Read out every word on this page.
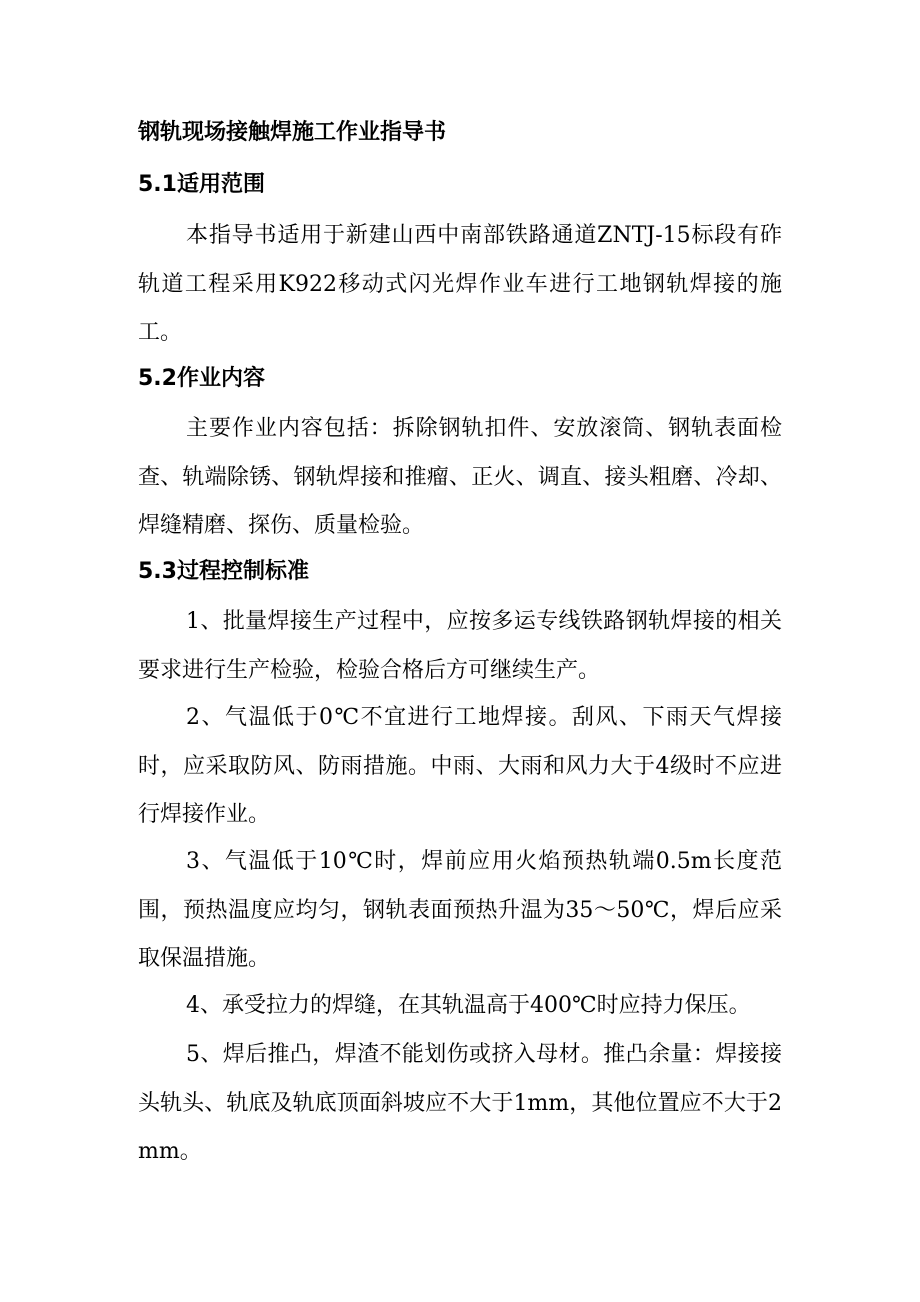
钢轨现场接触焊施工作业指导书
5.1适用范围

本指导书适用于新建山西中南部铁路通道ZNTJ-15标段有砟轨道工程采用K922移动式闪光焊作业车进行工地钢轨焊接的施工。

5.2作业内容

主要作业内容包括：拆除钢轨扣件、安放滚筒、钢轨表面检查、轨端除锈、钢轨焊接和推瘤、正火、调直、接头粗磨、冷却、焊缝精磨、探伤、质量检验。

5.3过程控制标准

1、批量焊接生产过程中，应按多运专线铁路钢轨焊接的相关要求进行生产检验，检验合格后方可继续生产。

2、气温低于0℃不宜进行工地焊接。刮风、下雨天气焊接时，应采取防风、防雨措施。中雨、大雨和风力大于4级时不应进行焊接作业。

3、气温低于10℃时，焊前应用火焰预热轨端0.5m长度范围，预热温度应均匀，钢轨表面预热升温为35～50℃，焊后应采取保温措施。

4、承受拉力的焊缝，在其轨温高于400℃时应持力保压。

5、焊后推凸，焊渣不能划伤或挤入母材。推凸余量：焊接接头轨头、轨底及轨底顶面斜坡应不大于1mm，其他位置应不大于2mm。
